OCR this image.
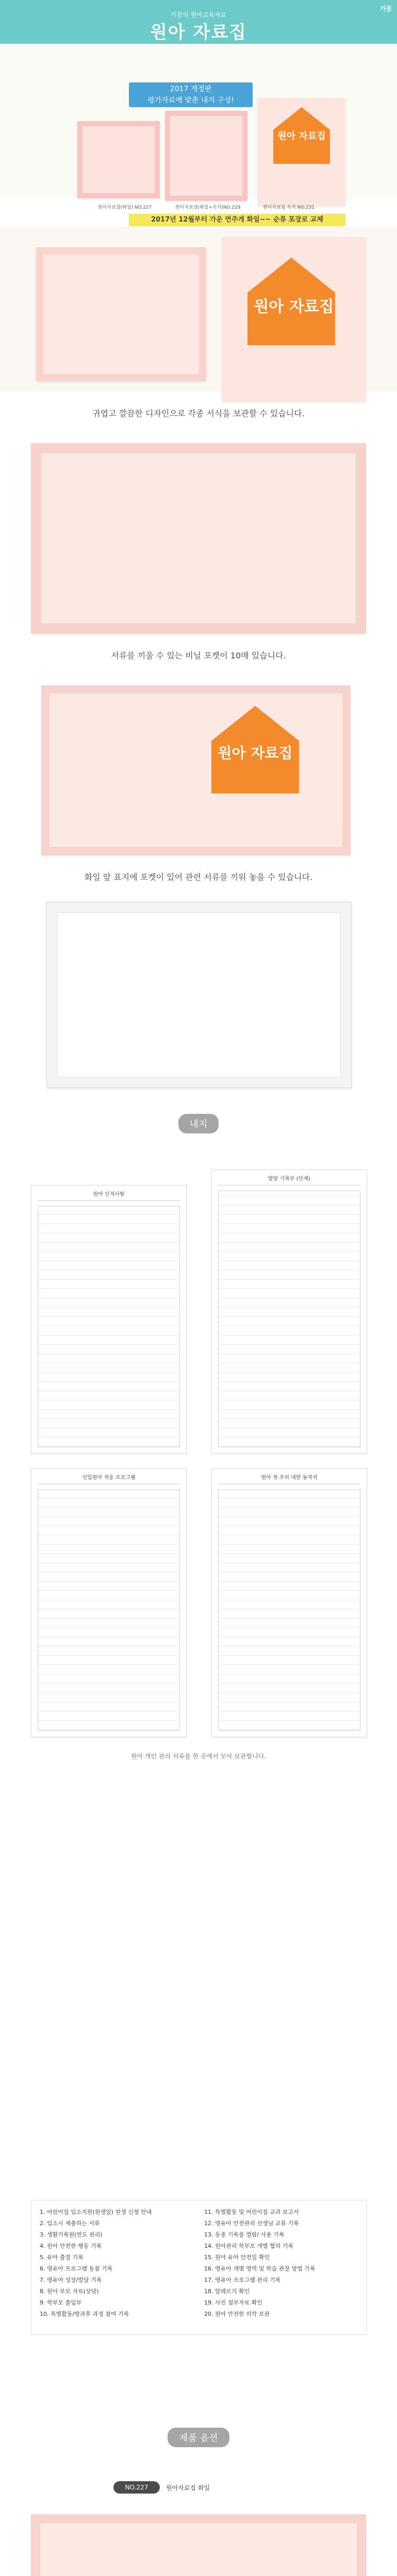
가꿈
가꿈의 원아교육자료
원아 자료집
2017 개정판
평가자료에 맞춘 내지 구성!
원아 자료집
원아자료집(화일) NO.227	원아자료집(화일+속지)NO.229	원아자료집 속지 NO.231
2017년 12월부터 가운 연주개 화일~~ 순류 포장로 교체
원아 자료집
귀엽고 깔끔한 디자인으로 각종 서식을 보관할 수 있습니다.
서류를 끼울 수 있는 비닐 포켓이 10매 있습니다.
원아 자료집
화일 앞 표지에 포켓이 있어 관련 서류를 끼워 놓을 수 있습니다.
내지
원아 인적사항
발달 기록부 (단계)
신입원아 적응 프로그램	원아 첫 주의 대한 동작지
원아 개인 관리 서류를 한 곳에서 모아 보관합니다.
1. 어린이집 입소지원(원생일) 원생 신청 안내
2. 입소시 제출하는 서류
3. 생활기록원(연도 관리)
4. 원아 안전한 행동 기록
5. 유아 출결 기록
6. 영유아 프로그램 동참 기록
7. 영유아 성장/발달 기록
8. 원아 부모 자료(상담)
9. 학부모 출입부
10. 특별활동/방과후 과정 참여 기록
11. 특별활동 및 어린이집 교과 보고서
12. 영유아 안전관리 선생님 교류 기록
13. 동종 기록물 열람/ 사용 기록
14. 원아관리 학부모 개별 협의 기록
15. 원아 유아 안전일 확인
16. 영유아 개별 영역 및 학습 관찰 방법 기록
17. 영유아 프로그램 관리 기록
18. 알레르기 확인
19. 사진 첨부자료 확인
20. 원아 안전한 의약 보관
제품 옵션
NO.227	원아자료집 화일
